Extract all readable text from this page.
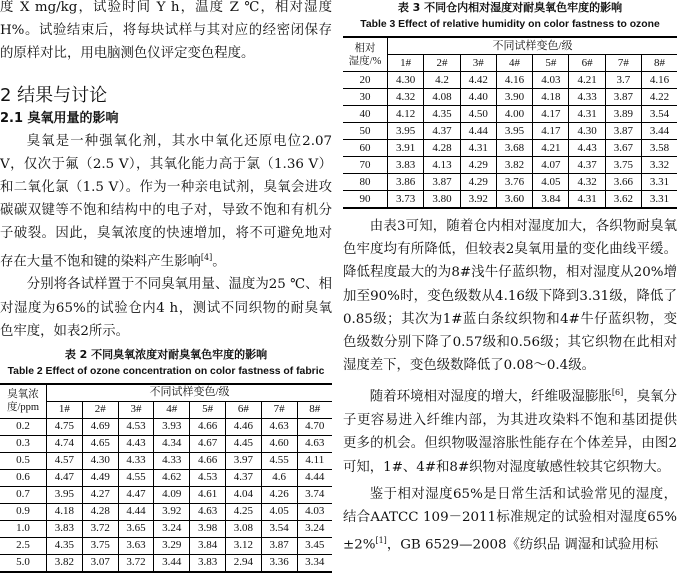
度 X mg/kg，试验时间 Y h，温度 Z ℃，相对湿度 H%。试验结束后，将每块试样与其对应的经密闭保存的原样对比，用电脑测色仪评定变色程度。

2 结果与讨论
2.1 臭氧用量的影响

臭氧是一种强氧化剂，其水中氧化还原电位2.07 V，仅次于氟（2.5 V），其氧化能力高于氯（1.36 V）和二氧化氯（1.5 V）。作为一种亲电试剂，臭氧会进攻碳碳双键等不饱和结构中的电子对，导致不饱和有机分子破裂。因此，臭氧浓度的快速增加，将不可避免地对存在大量不饱和键的染料产生影响[4]。

分别将各试样置于不同臭氧用量、温度为25 ℃、相对湿度为65%的试验仓内4 h，测试不同织物的耐臭氧色牢度，如表2所示。

表 2 不同臭氧浓度对耐臭氧色牢度的影响
Table 2 Effect of ozone concentration on color fastness of fabric
臭氧浓
度/ppm	不同试样变色/级							
	1#	2#	3#	4#	5#	6#	7#	8#
0.2	4.75	4.69	4.53	3.93	4.66	4.46	4.63	4.70
0.3	4.74	4.65	4.43	4.34	4.67	4.45	4.60	4.63
0.5	4.57	4.30	4.33	4.33	4.66	3.97	4.55	4.11
0.6	4.47	4.49	4.55	4.62	4.53	4.37	4.6	4.44
0.7	3.95	4.27	4.47	4.09	4.61	4.04	4.26	3.74
0.9	4.18	4.28	4.44	3.92	4.63	4.25	4.05	4.03
1.0	3.83	3.72	3.65	3.24	3.98	3.08	3.54	3.24
2.5	4.35	3.75	3.63	3.29	3.84	3.12	3.87	3.45
5.0	3.82	3.07	3.72	3.44	3.83	2.94	3.36	3.34
表 3 不同仓内相对湿度对耐臭氧色牢度的影响
Table 3 Effect of relative humidity on color fastness to ozone
相对
湿度/%	不同试样变色/级							
	1#	2#	3#	4#	5#	6#	7#	8#
20	4.30	4.2	4.42	4.16	4.03	4.21	3.7	4.16
30	4.32	4.08	4.40	3.90	4.18	4.33	3.87	4.22
40	4.12	4.35	4.50	4.00	4.17	4.31	3.89	3.54
50	3.95	4.37	4.44	3.95	4.17	4.30	3.87	3.44
60	3.91	4.28	4.31	3.68	4.21	4.43	3.67	3.58
70	3.83	4.13	4.29	3.82	4.07	4.37	3.75	3.32
80	3.86	3.87	4.29	3.76	4.05	4.32	3.66	3.31
90	3.73	3.80	3.92	3.60	3.84	4.31	3.62	3.31

由表3可知，随着仓内相对湿度加大，各织物耐臭氧色牢度均有所降低，但较表2臭氧用量的变化曲线平缓。降低程度最大的为8#浅牛仔蓝织物，相对湿度从20%增加至90%时，变色级数从4.16级下降到3.31级，降低了0.85级；其次为1#蓝白条纹织物和4#牛仔蓝织物，变色级数分别下降了0.57级和0.56级；其它织物在此相对湿度差下，变色级数降低了0.08～0.4级。

随着环境相对湿度的增大，纤维吸湿膨胀[6]，臭氧分子更容易进入纤维内部，为其进攻染料不饱和基团提供更多的机会。但织物吸湿溶胀性能存在个体差异，由图2可知，1#、4#和8#织物对湿度敏感性较其它织物大。

鉴于相对湿度65%是日常生活和试验常见的湿度，结合AATCC 109－2011标准规定的试验相对湿度65%±2%[1]，GB 6529—2008《纺织品 调湿和试验用标
